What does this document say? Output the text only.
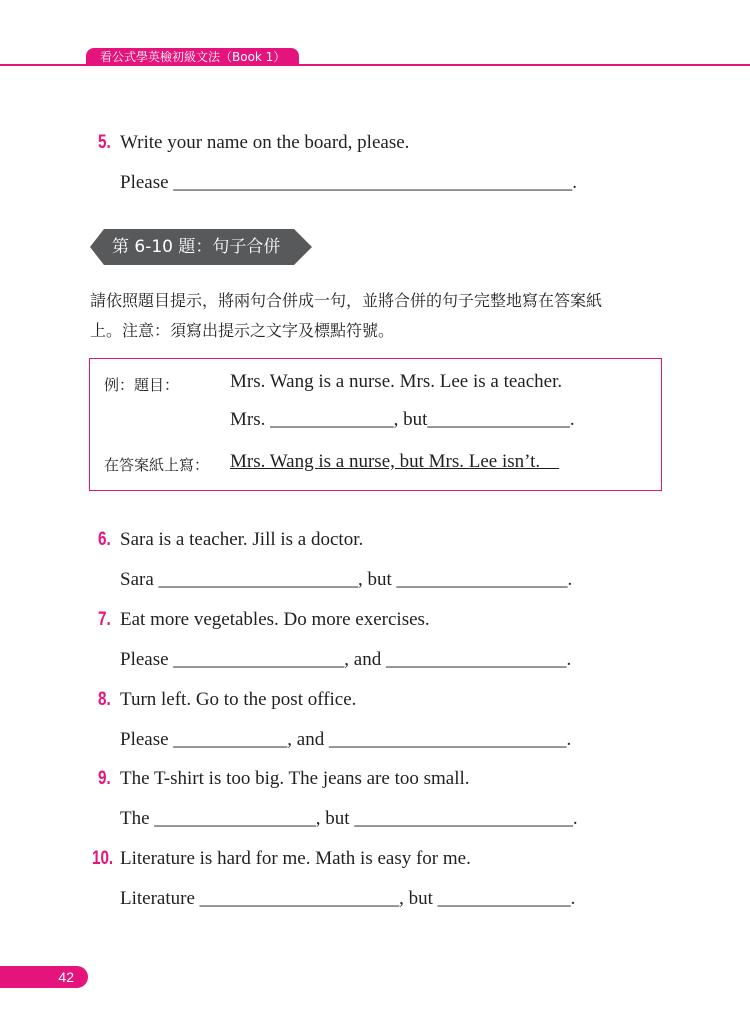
看公式學英檢初級文法（Book 1）
5. Write your name on the board, please.
Please __________________________________________.
第 6-10 題：句子合併
請依照題目提示，將兩句合併成一句，並將合併的句子完整地寫在答案紙
上。注意：須寫出提示之文字及標點符號。
例：題目：	Mrs. Wang is a nurse. Mrs. Lee is a teacher.
Mrs. _____________, but_______________.
在答案紙上寫： Mrs. Wang is a nurse, but Mrs. Lee isn’t.
6. Sara is a teacher. Jill is a doctor.
Sara _____________________, but __________________.
7. Eat more vegetables. Do more exercises.
Please __________________, and ___________________.
8. Turn left. Go to the post office.
Please ____________, and _________________________.
9. The T-shirt is too big. The jeans are too small.
The _________________, but _______________________.
10. Literature is hard for me. Math is easy for me.
Literature _____________________, but ______________.
42
